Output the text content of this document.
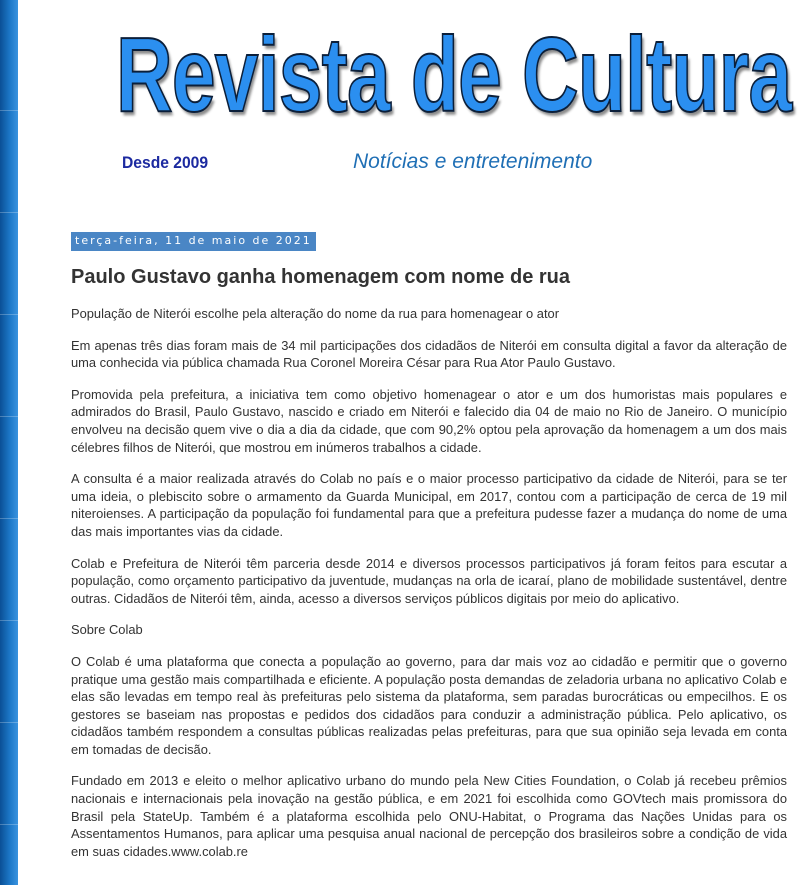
Revista de Cultura
Desde 2009	Notícias e entretenimento
terça-feira, 11 de maio de 2021
Paulo Gustavo ganha homenagem com nome de rua

População de Niterói escolhe pela alteração do nome da rua para homenagear o ator

Em apenas três dias foram mais de 34 mil participações dos cidadãos de Niterói em consulta digital a favor da alteração de uma conhecida via pública chamada Rua Coronel Moreira César para Rua Ator Paulo Gustavo.

Promovida pela prefeitura, a iniciativa tem como objetivo homenagear o ator e um dos humoristas mais populares e admirados do Brasil, Paulo Gustavo, nascido e criado em Niterói e falecido dia 04 de maio no Rio de Janeiro. O município envolveu na decisão quem vive o dia a dia da cidade, que com 90,2% optou pela aprovação da homenagem a um dos mais célebres filhos de Niterói, que mostrou em inúmeros trabalhos a cidade.

A consulta é a maior realizada através do Colab no país e o maior processo participativo da cidade de Niterói, para se ter uma ideia, o plebiscito sobre o armamento da Guarda Municipal, em 2017, contou com a participação de cerca de 19 mil niteroienses. A participação da população foi fundamental para que a prefeitura pudesse fazer a mudança do nome de uma das mais importantes vias da cidade.

Colab e Prefeitura de Niterói têm parceria desde 2014 e diversos processos participativos já foram feitos para escutar a população, como orçamento participativo da juventude, mudanças na orla de icaraí, plano de mobilidade sustentável, dentre outras. Cidadãos de Niterói têm, ainda, acesso a diversos serviços públicos digitais por meio do aplicativo.

Sobre Colab

O Colab é uma plataforma que conecta a população ao governo, para dar mais voz ao cidadão e permitir que o governo pratique uma gestão mais compartilhada e eficiente. A população posta demandas de zeladoria urbana no aplicativo Colab e elas são levadas em tempo real às prefeituras pelo sistema da plataforma, sem paradas burocráticas ou empecilhos. E os gestores se baseiam nas propostas e pedidos dos cidadãos para conduzir a administração pública. Pelo aplicativo, os cidadãos também respondem a consultas públicas realizadas pelas prefeituras, para que sua opinião seja levada em conta em tomadas de decisão.

Fundado em 2013 e eleito o melhor aplicativo urbano do mundo pela New Cities Foundation, o Colab já recebeu prêmios nacionais e internacionais pela inovação na gestão pública, e em 2021 foi escolhida como GOVtech mais promissora do Brasil pela StateUp. Também é a plataforma escolhida pelo ONU-Habitat, o Programa das Nações Unidas para os Assentamentos Humanos, para aplicar uma pesquisa anual nacional de percepção dos brasileiros sobre a condição de vida em suas cidades.www.colab.re
